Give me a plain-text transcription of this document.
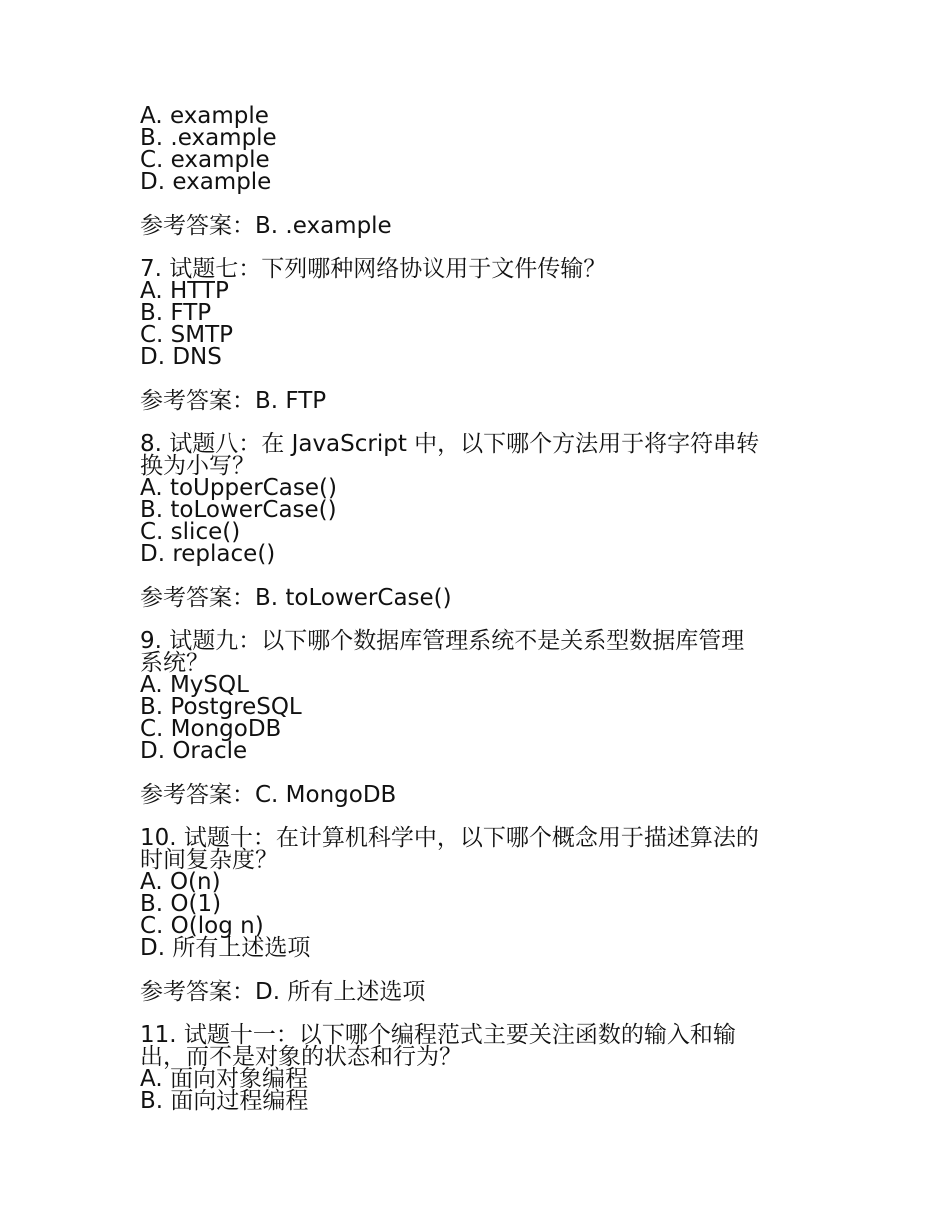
A. example
B. .example
C. example
D. example
参考答案：B. .example
7. 试题七：下列哪种网络协议用于文件传输？
A. HTTP
B. FTP
C. SMTP
D. DNS
参考答案：B. FTP
8. 试题八：在 JavaScript 中，以下哪个方法用于将字符串转
换为小写？
A. toUpperCase()
B. toLowerCase()
C. slice()
D. replace()
参考答案：B. toLowerCase()
9. 试题九：以下哪个数据库管理系统不是关系型数据库管理
系统？
A. MySQL
B. PostgreSQL
C. MongoDB
D. Oracle
参考答案：C. MongoDB
10. 试题十：在计算机科学中，以下哪个概念用于描述算法的
时间复杂度？
A. O(n)
B. O(1)
C. O(log n)
D. 所有上述选项
参考答案：D. 所有上述选项
11. 试题十一：以下哪个编程范式主要关注函数的输入和输
出，而不是对象的状态和行为？
A. 面向对象编程
B. 面向过程编程
